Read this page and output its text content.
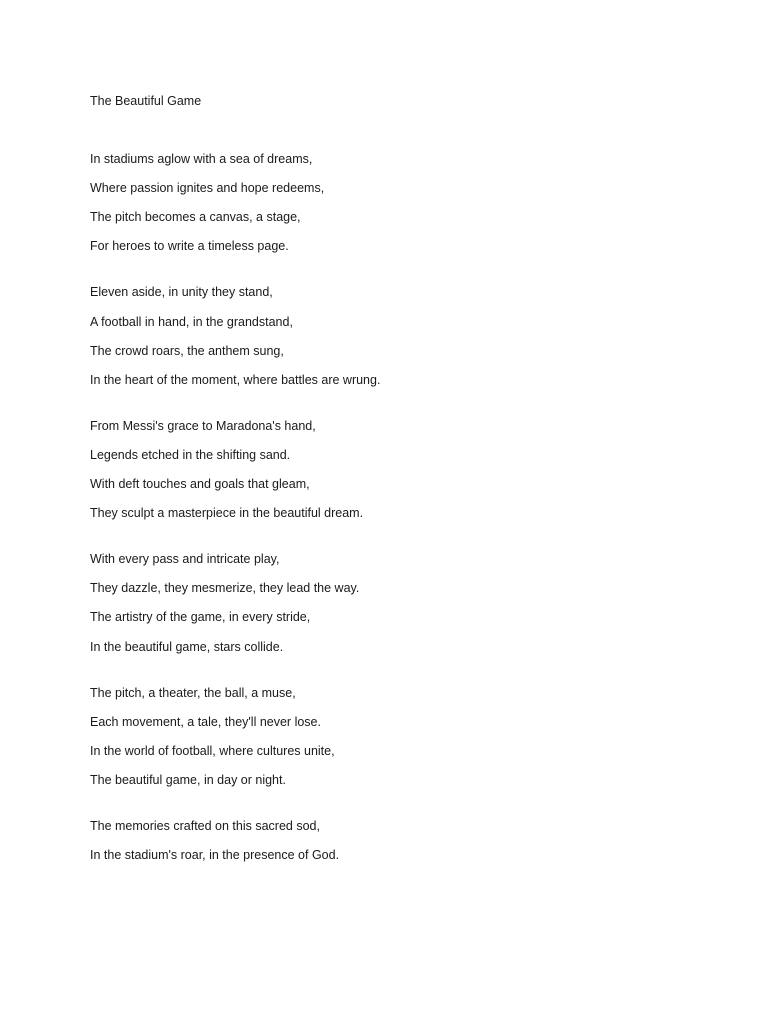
The Beautiful Game
In stadiums aglow with a sea of dreams,
Where passion ignites and hope redeems,
The pitch becomes a canvas, a stage,
For heroes to write a timeless page.
Eleven aside, in unity they stand,
A football in hand, in the grandstand,
The crowd roars, the anthem sung,
In the heart of the moment, where battles are wrung.
From Messi's grace to Maradona's hand,
Legends etched in the shifting sand.
With deft touches and goals that gleam,
They sculpt a masterpiece in the beautiful dream.
With every pass and intricate play,
They dazzle, they mesmerize, they lead the way.
The artistry of the game, in every stride,
In the beautiful game, stars collide.
The pitch, a theater, the ball, a muse,
Each movement, a tale, they'll never lose.
In the world of football, where cultures unite,
The beautiful game, in day or night.
The memories crafted on this sacred sod,
In the stadium's roar, in the presence of God.
